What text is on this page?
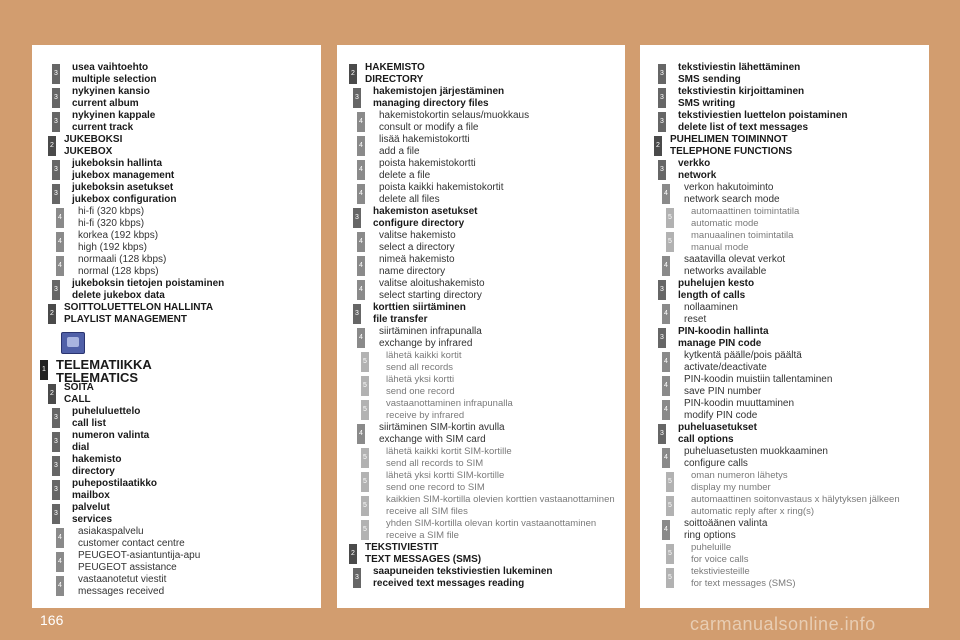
3
usea vaihtoehto
multiple selection
3
nykyinen kansio
current album
3
nykyinen kappale
current track
2
JUKEBOKSI
JUKEBOX
3
jukeboksin hallinta
jukebox management
3
jukeboksin asetukset
jukebox configuration
4
hi-fi (320 kbps)
hi-fi (320 kbps)
4
korkea (192 kbps)
high (192 kbps)
4
normaali (128 kbps)
normal (128 kbps)
3
jukeboksin tietojen poistaminen
delete jukebox data
2
SOITTOLUETTELON HALLINTA
PLAYLIST MANAGEMENT
1 TELEMATIIKKA
TELEMATICS
2
SOITA
CALL
3
puheluluettelo
call list
3
numeron valinta
dial
3
hakemisto
directory
3
puhepostilaatikko
mailbox
3
palvelut
services
4
asiakaspalvelu
customer contact centre
4
PEUGEOT-asiantuntija-apu
PEUGEOT assistance
4
vastaanotetut viestit
messages received
2
HAKEMISTO
DIRECTORY
3
hakemistojen järjestäminen
managing directory files
4
hakemistokortin selaus/muokkaus
consult or modify a file
4
lisää hakemistokortti
add a file
4
poista hakemistokortti
delete a file
4
poista kaikki hakemistokortit
delete all files
3
hakemiston asetukset
configure directory
4
valitse hakemisto
select a directory
4
nimeä hakemisto
name directory
4
valitse aloitushakemisto
select starting directory
3
korttien siirtäminen
file transfer
4
siirtäminen infrapunalla
exchange by infrared
5
lähetä kaikki kortit
send all records
5
lähetä yksi kortti
send one record
5
vastaanottaminen infrapunalla
receive by infrared
4
siirtäminen SIM-kortin avulla
exchange with SIM card
5
lähetä kaikki kortit SIM-kortille
send all records to SIM
5
lähetä yksi kortti SIM-kortille
send one record to SIM
5
kaikkien SIM-kortilla olevien korttien vastaanottaminen
receive all SIM files
5
yhden SIM-kortilla olevan kortin vastaanottaminen
receive a SIM file
2
TEKSTIVIESTIT
TEXT MESSAGES (SMS)
3
saapuneiden tekstiviestien lukeminen
received text messages reading
3
tekstiviestin lähettäminen
SMS sending
3
tekstiviestin kirjoittaminen
SMS writing
3
tekstiviestien luettelon poistaminen
delete list of text messages
2
PUHELIMEN TOIMINNOT
TELEPHONE FUNCTIONS
3
verkko
network
4
verkon hakutoiminto
network search mode
5
automaattinen toimintatila
automatic mode
5
manuaalinen toimintatila
manual mode
4
saatavilla olevat verkot
networks available
3
puhelujen kesto
length of calls
4
nollaaminen
reset
3
PIN-koodin hallinta
manage PIN code
4
kytkentä päälle/pois päältä
activate/deactivate
4
PIN-koodin muistiin tallentaminen
save PIN number
4
PIN-koodin muuttaminen
modify PIN code
3
puheluasetukset
call options
4
puheluasetusten muokkaaminen
configure calls
5
oman numeron lähetys
display my number
5
automaattinen soitonvastaus x hälytyksen jälkeen
automatic reply after x ring(s)
4
soittoäänen valinta
ring options
5
puheluille
for voice calls
5
tekstiviesteille
for text messages (SMS)
166	carmanualsonline.info
